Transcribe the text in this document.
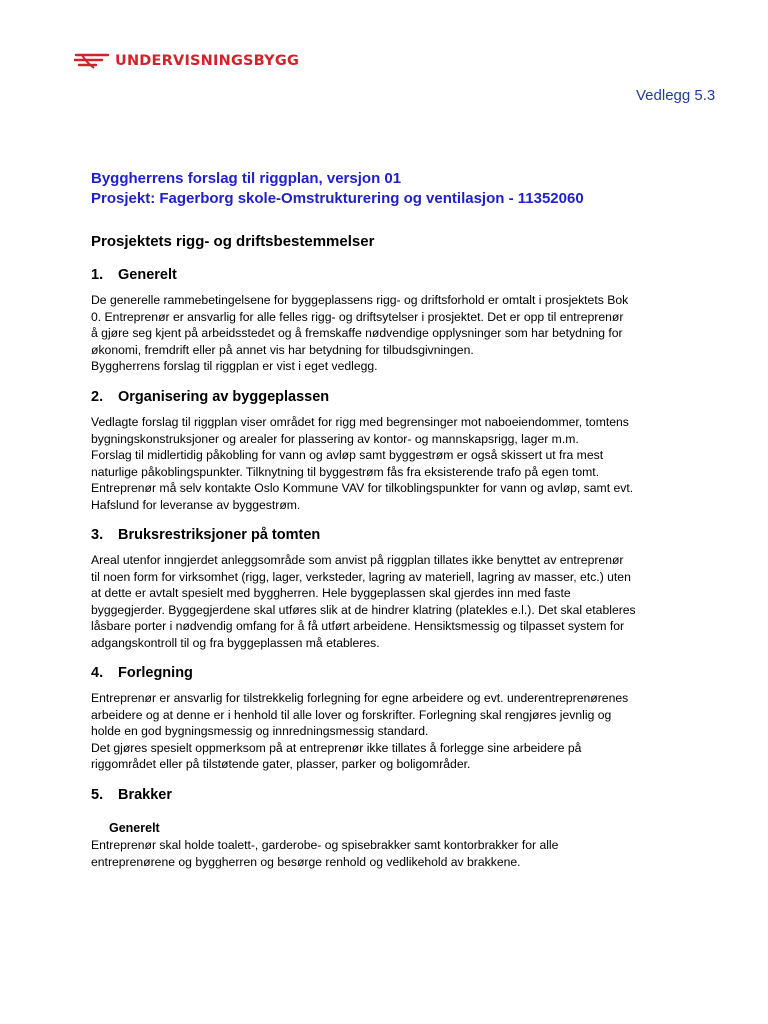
UNDERVISNINGSBYGG
Vedlegg 5.3
Byggherrens forslag til riggplan, versjon 01
Prosjekt: Fagerborg skole-Omstrukturering og ventilasjon - 11352060
Prosjektets rigg- og driftsbestemmelser
1.	Generelt
De generelle rammebetingelsene for byggeplassens rigg- og driftsforhold er omtalt i prosjektets Bok
0. Entreprenør er ansvarlig for alle felles rigg- og driftsytelser i prosjektet. Det er opp til entreprenør
å gjøre seg kjent på arbeidsstedet og å fremskaffe nødvendige opplysninger som har betydning for
økonomi, fremdrift eller på annet vis har betydning for tilbudsgivningen.
Byggherrens forslag til riggplan er vist i eget vedlegg.
2.	Organisering av byggeplassen
Vedlagte forslag til riggplan viser området for rigg med begrensinger mot naboeiendommer, tomtens
bygningskonstruksjoner og arealer for plassering av kontor- og mannskapsrigg, lager m.m.
Forslag til midlertidig påkobling for vann og avløp samt byggestrøm er også skissert ut fra mest
naturlige påkoblingspunkter. Tilknytning til byggestrøm fås fra eksisterende trafo på egen tomt.
Entreprenør må selv kontakte Oslo Kommune VAV for tilkoblingspunkter for vann og avløp, samt evt.
Hafslund for leveranse av byggestrøm.
3.	Bruksrestriksjoner på tomten
Areal utenfor inngjerdet anleggsområde som anvist på riggplan tillates ikke benyttet av entreprenør
til noen form for virksomhet (rigg, lager, verksteder, lagring av materiell, lagring av masser, etc.) uten
at dette er avtalt spesielt med byggherren. Hele byggeplassen skal gjerdes inn med faste
byggegjerder. Byggegjerdene skal utføres slik at de hindrer klatring (platekles e.l.). Det skal etableres
låsbare porter i nødvendig omfang for å få utført arbeidene. Hensiktsmessig og tilpasset system for
adgangskontroll til og fra byggeplassen må etableres.
4.	Forlegning
Entreprenør er ansvarlig for tilstrekkelig forlegning for egne arbeidere og evt. underentreprenørenes
arbeidere og at denne er i henhold til alle lover og forskrifter. Forlegning skal rengjøres jevnlig og
holde en god bygningsmessig og innredningsmessig standard.
Det gjøres spesielt oppmerksom på at entreprenør ikke tillates å forlegge sine arbeidere på
riggområdet eller på tilstøtende gater, plasser, parker og boligområder.
5.	Brakker
Generelt
Entreprenør skal holde toalett-, garderobe- og spisebrakker samt kontorbrakker for alle
entreprenørene og byggherren og besørge renhold og vedlikehold av brakkene.
